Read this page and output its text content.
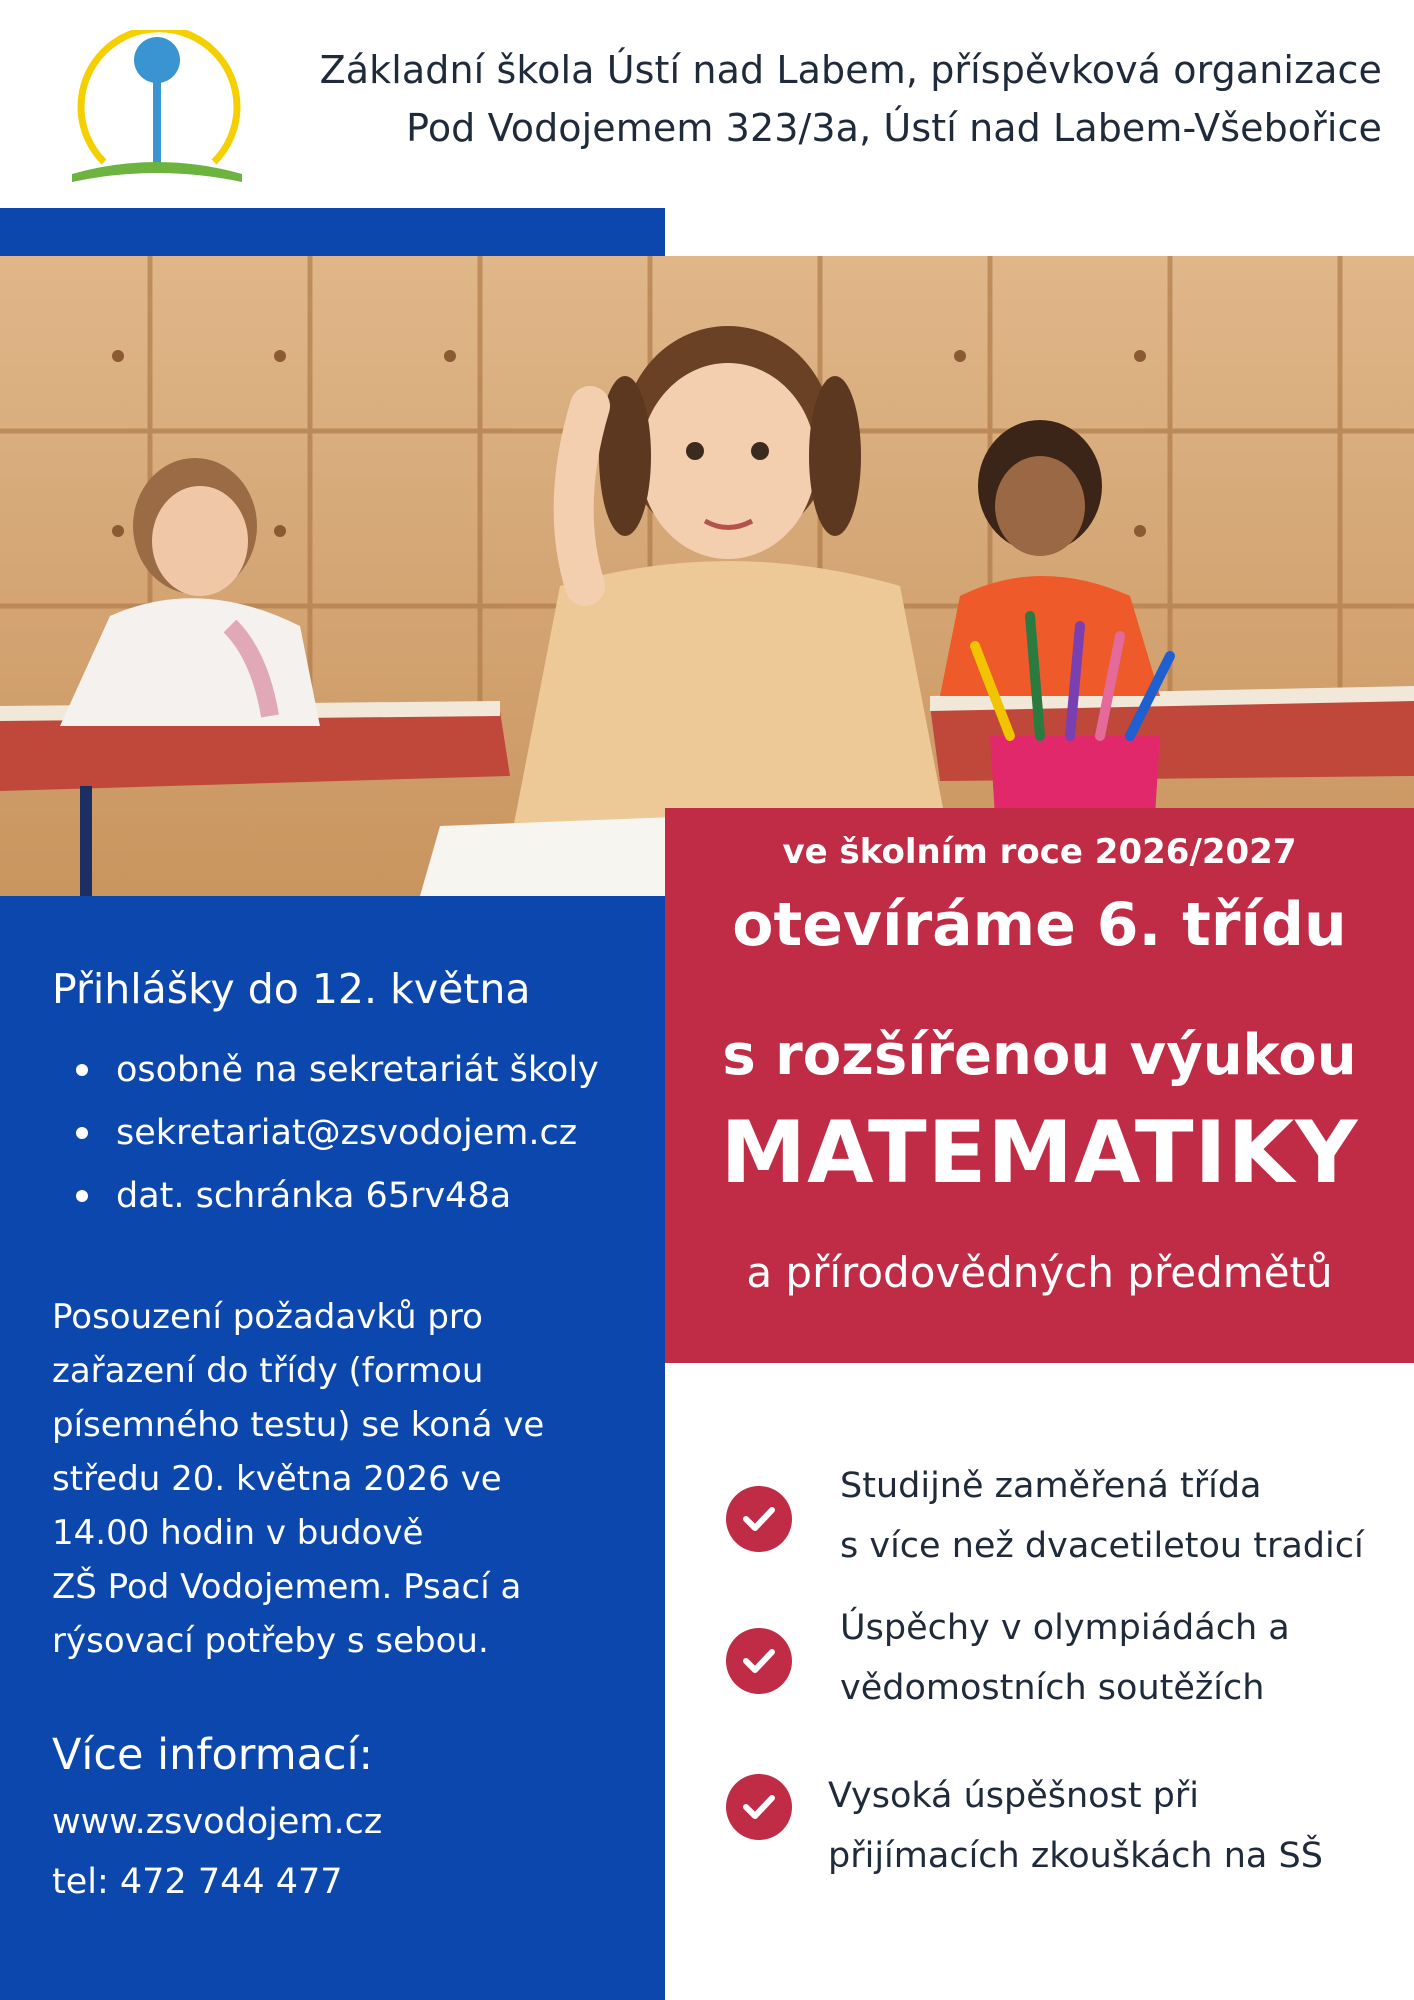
Základní škola Ústí nad Labem, příspěvková organizace
Pod Vodojemem 323/3a, Ústí nad Labem-Všebořice
ve školním roce 2026/2027
otevíráme 6. třídu
s rozšířenou výukou
MATEMATIKY
a přírodovědných předmětů
Přihlášky do 12. května
osobně na sekretariát školy
sekretariat@zsvodojem.cz
dat. schránka 65rv48a
Posouzení požadavků pro
zařazení do třídy (formou
písemného testu) se koná ve
středu 20. května 2026 ve
14.00 hodin v budově
ZŠ Pod Vodojemem. Psací a
rýsovací potřeby s sebou.
Více informací:
www.zsvodojem.cz
tel: 472 744 477
Studijně zaměřená třída
s více než dvacetiletou tradicí
Úspěchy v olympiádách a
vědomostních soutěžích
Vysoká úspěšnost při
přijímacích zkouškách na SŠ
